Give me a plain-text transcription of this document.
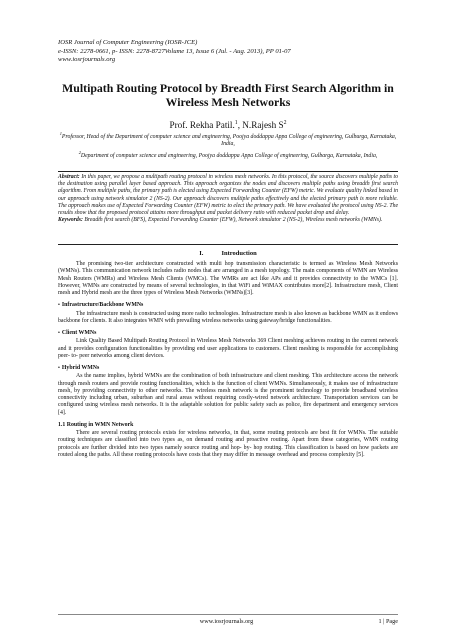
IOSR Journal of Computer Engineering (IOSR-JCE)
e-ISSN: 2278-0661, p- ISSN: 2278-8727Volume 13, Issue 6 (Jul. - Aug. 2013), PP 01-07
www.iosrjournals.org
Multipath Routing Protocol by Breadth First Search Algorithm in Wireless Mesh Networks
Prof. Rekha Patil.$^1$, N.Rajesh $S^2$

$^1$Professor, Head of the Department of computer science and engineering, Poojya doddappa Appa College of engineering, Gulburga, Karnataka, India,

$^2$Department of computer science and engineering, Poojya doddappa Appa College of engineering, Gulbarga, Karnataka, India,

Abstract: In this paper, we propose a multipath routing protocol in wireless mesh networks. In this protocol, the source discovers multiple paths to the destination using parallel layer based approach. This approach organizes the nodes and discovers multiple paths using breadth first search algorithm. From multiple paths, the primary path is elected using Expected Forwarding Counter (EFW) metric. We evaluate quality linked based in our approach using network simulator 2 (NS-2). Our approach discovers multiple paths effectively and the elected primary path is more reliable. The approach makes use of Expected Forwarding Counter (EFW) metric to elect the primary path. We have evaluated the protocol using NS-2. The results show that the proposed protocol attains more throughput and packet delivery ratio with reduced packet drop and delay.

Keywords: Breadth first search (BFS), Expected Forwarding Counter (EFW), Network simulator 2 (NS-2), Wireless mesh networks (WMNs).

I.	Introduction

The promising two-tier architecture constructed with multi hop transmission characteristic is termed as Wireless Mesh Networks (WMNs). This communication network includes radio nodes that are arranged in a mesh topology. The main components of WMN are Wireless Mesh Routers (WMRs) and Wireless Mesh Clients (WMCs). The WMRs are act like APs and it provides connectivity to the WMCs [1]. However, WMNs are constructed by means of several technologies, in that WiFi and WiMAX contributes more[2]. Infrastructure mesh, Client mesh and Hybrid mesh are the three types of Wireless Mesh Networks (WMNs)[3].

• Infrastructure/Backbone WMNs

The infrastructure mesh is constructed using more radio technologies. Infrastructure mesh is also known as backbone WMN as it endows backbone for clients. It also integrates WMN with prevailing wireless networks using gateway/bridge functionalities.

• Client WMNs

Link Quality Based Multipath Routing Protocol in Wireless Mesh Networks 369 Client meshing achieves routing in the current network and it provides configuration functionalities by providing end user applications to customers. Client meshing is responsible for accomplishing peer- to- peer networks among client devices.

• Hybrid WMNs

As the name implies, hybrid WMNs are the combination of both infrastructure and client meshing. This architecture access the network through mesh routers and provide routing functionalities, which is the function of client WMNs. Simultaneously, it makes use of infrastructure mesh, by providing connectivity to other networks. The wireless mesh network is the prominent technology to provide broadband wireless connectivity including urban, suburban and rural areas without requiring costly-wired network architecture. Transportation services can be configured using wireless mesh networks. It is the adaptable solution for public safety such as police, fire department and emergency services [4].

1.1 Routing in WMN Network

There are several routing protocols exists for wireless networks, in that, some routing protocols are best fit for WMNs. The suitable routing techniques are classified into two types as, on demand routing and proactive routing. Apart from these categories, WMN routing protocols are further divided into two types namely source routing and hop- by- hop routing. This classification is based on how packets are routed along the paths. All these routing protocols have costs that they may differ in message overhead and process complexity [5].

www.iosrjournals.org	1 | Page
